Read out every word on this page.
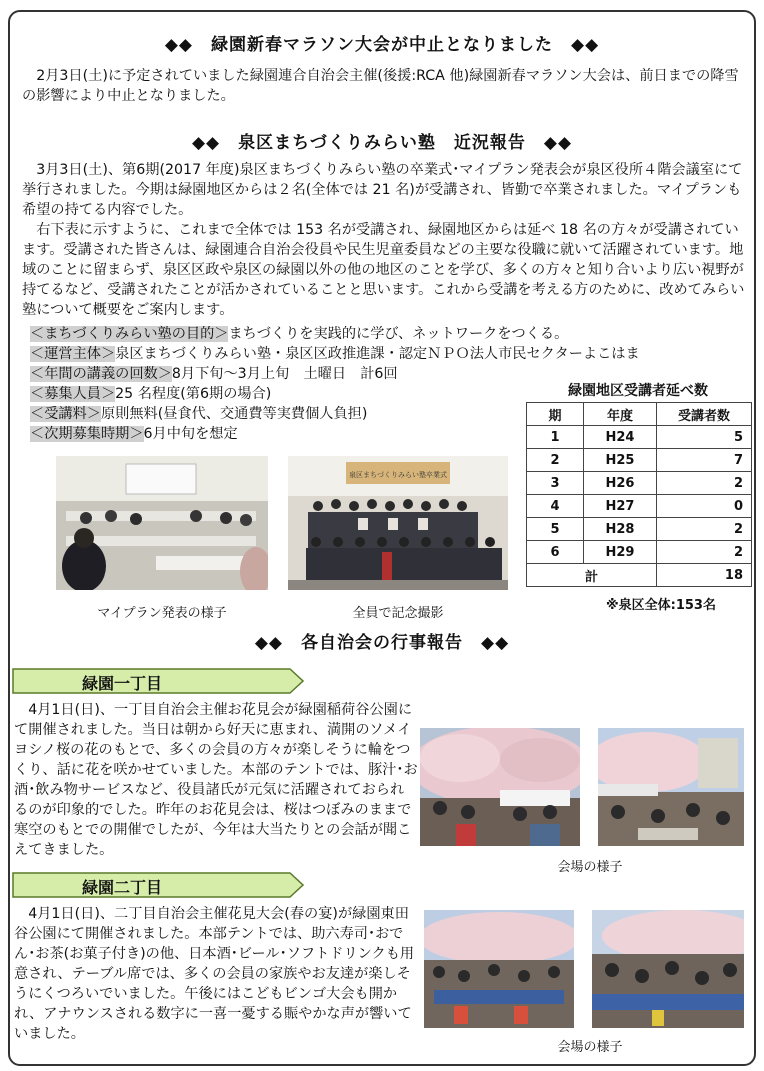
◆◆　緑園新春マラソン大会が中止となりました　◆◆

　2月3日(土)に予定されていました緑園連合自治会主催(後援:RCA 他)緑園新春マラソン大会は、前日までの降雪の影響により中止となりました。

◆◆　泉区まちづくりみらい塾　近況報告　◆◆

　3月3日(土)、第6期(2017 年度)泉区まちづくりみらい塾の卒業式･マイプラン発表会が泉区役所４階会議室にて挙行されました。今期は緑園地区からは２名(全体では 21 名)が受講され、皆勤で卒業されました。マイプランも希望の持てる内容でした。

　右下表に示すように、これまで全体では 153 名が受講され、緑園地区からは延べ 18 名の方々が受講されています。受講された皆さんは、緑園連合自治会役員や民生児童委員などの主要な役職に就いて活躍されています。地域のことに留まらず、泉区区政や泉区の緑園以外の他の地区のことを学び、多くの方々と知り合いより広い視野が持てるなど、受講されたことが活かされていることと思います。これから受講を考える方のために、改めてみらい塾について概要をご案内します。

＜まちづくりみらい塾の目的＞まちづくりを実践的に学び、ネットワークをつくる。
＜運営主体＞泉区まちづくりみらい塾・泉区区政推進課・認定ＮＰＯ法人市民セクターよこはま
＜年間の講義の回数＞8月下旬～3月上旬　土曜日　計6回
＜募集人員＞25 名程度(第6期の場合)
＜受講料＞原則無料(昼食代、交通費等実費個人負担)
＜次期募集時期＞6月中旬を想定
緑園地区受講者延べ数
期	年度	受講者数
1	H24	5
2	H25	7
3	H26	2
4	H27	0
5	H28	2
6	H29	2
計		18
※泉区全体:153名
泉区まちづくりみらい塾卒業式
マイプラン発表の様子	全員で記念撮影
◆◆　各自治会の行事報告　◆◆
緑園一丁目

　4月1日(日)、一丁目自治会主催お花見会が緑園稲荷谷公園にて開催されました。当日は朝から好天に恵まれ、満開のソメイヨシノ桜の花のもとで、多くの会員の方々が楽しそうに輪をつくり、話に花を咲かせていました。本部のテントでは、豚汁･お酒･飲み物サービスなど、役員諸氏が元気に活躍されておられるのが印象的でした。昨年のお花見会は、桜はつぼみのままで寒空のもとでの開催でしたが、今年は大当たりとの会話が聞こえてきました。

会場の様子
緑園二丁目

　4月1日(日)、二丁目自治会主催花見大会(春の宴)が緑園東田谷公園にて開催されました。本部テントでは、助六寿司･おでん･お茶(お菓子付き)の他、日本酒･ビール･ソフトドリンクも用意され、テーブル席では、多くの会員の家族やお友達が楽しそうにくつろいでいました。午後にはこどもビンゴ大会も開かれ、アナウンスされる数字に一喜一憂する賑やかな声が響いていました。

会場の様子
